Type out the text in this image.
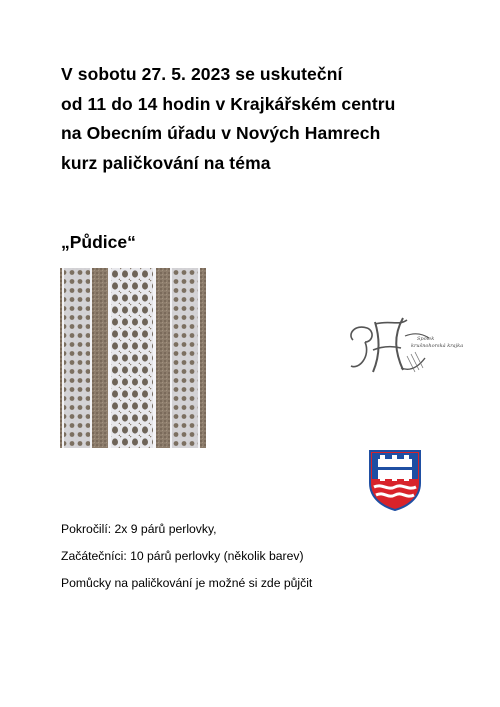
V sobotu 27. 5. 2023 se uskuteční
od 11 do 14 hodin v Krajkářském centru
na Obecním úřadu v Nových Hamrech
kurz paličkování na téma
„Půdice“
Spolek
krušnohorská krajka
Pokročilí: 2x 9 párů perlovky,
Začátečníci: 10 párů perlovky (několik barev)
Pomůcky na paličkování je možné si zde půjčit
